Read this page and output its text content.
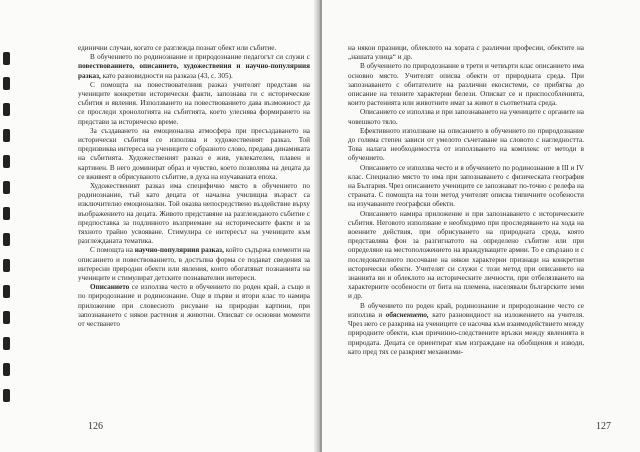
единични случаи, когато се разглежда познат обект или събитие.

В обучението по родинознание и природознание педагогът си служи с повествованието, описанието, художествения и научно-популярния разказ, като разновидности на разказа (43, с. 305).

С помощта на повествователния разказ учителят представя на учениците конкретни исторически факти, запознава ги с исторические събития и явления. Използването на повествованието дава възможност да се проследи хронологията на събитията, което улеснява формирането на представи за историческо време.

За създаването на емоционална атмосфера при пресъздаването на исторически събития се използва и художественият разказ. Той предизвиква интереса на учениците с образното слово, предава динамиката на събитията. Художественият разказ е жив, увлекателен, плавен и картинен. В него доминират образ и чувство, което позволява на децата да се вживеят в обрисуваното събитие, в духа на изучаваната епоха.

Художественият разказ има специфично място в обучението по родинознание, тъй като децата от начална училищна възраст са изключително емоционални. Той оказва непосредствено въздействие върху въображението на децата. Живото представяне на разглежданото събитие с предпоставка за подлинното възприемане на историческите факти и за тяхното трайно усвояване. Стимулира се интересът на учениците към разглежданата тематика.

С помощта на научно-популярния разказ, който съдържа елементи на описанието и повествованието, в достъпна форма се подават сведения за интересни природни обекти или явления, които обогатяват познанията на учениците и стимулират детските познавателни интереси.

Описанието се използва често в обучението по роден край, а също и по природознание и родинознание. Още в първи и втори клас то намира приложение при словесното рисуване на природни картини, при запознаването с някои растения и животни. Описват се основни моменти от честването

126

на някои празници, облеклото на хората с различни професии, обектите на „нашата улица“ и др.

В обучението по природознание в трети и четвърти клас описанието има основно място. Учителят описва обекти от природната среда. При запознаването с обитателите на различни екосистеми, се прибягва до описание на техните характерни белези. Описват се и приспособленията, които растенията или животните имат за живот в съответната среда.

Описанието се използва и при запознаването на учениците с органите на човешкото тяло.

Ефективното използване на описанието в обучението по природознание до голяма степен зависи от умелото съчетаване на словото с нагледността. Това налага необходимостта от използването на комплекс от методи в обучението.

Описанието се използва често и в обучението по родинознание в III и IV клас. Специално място то има при запознаването с физическата география на България. Чрез описанието учениците се запознават по-точно с релефа на страната. С помощта на този метод учителят описва типичните особености на изучаваните географски обекти.

Описанието намира приложение и при запознаването с историческите събития. Неговото използване е необходимо при проследяването на хода на военните действия, при обрисуването на природната среда, която представлява фон за разгигнатото на определено събитие или при определяне на местоположението на враждуващите армии. То е свързано и с последователното посочване на някои характерни признаци на конкретни исторически обекти. Учителят си служи с този метод при описанието на знанията ви и облеклото на историческите личности, при отбелязването на характерните особености от бита на племена, населявали българските земи и др.

В обучението по роден край, родинознание и природознание често се използва и обяснението, като разновидност на изложението на учителя. Чрез него се разкрива на учениците се насочва към взаимодействието между природните обекти, към причинно-следствените връзки между явленията в природата. Децата се ориентират към изграждане на обобщения и изводи, като пред тях се разкрият механизми-

127
